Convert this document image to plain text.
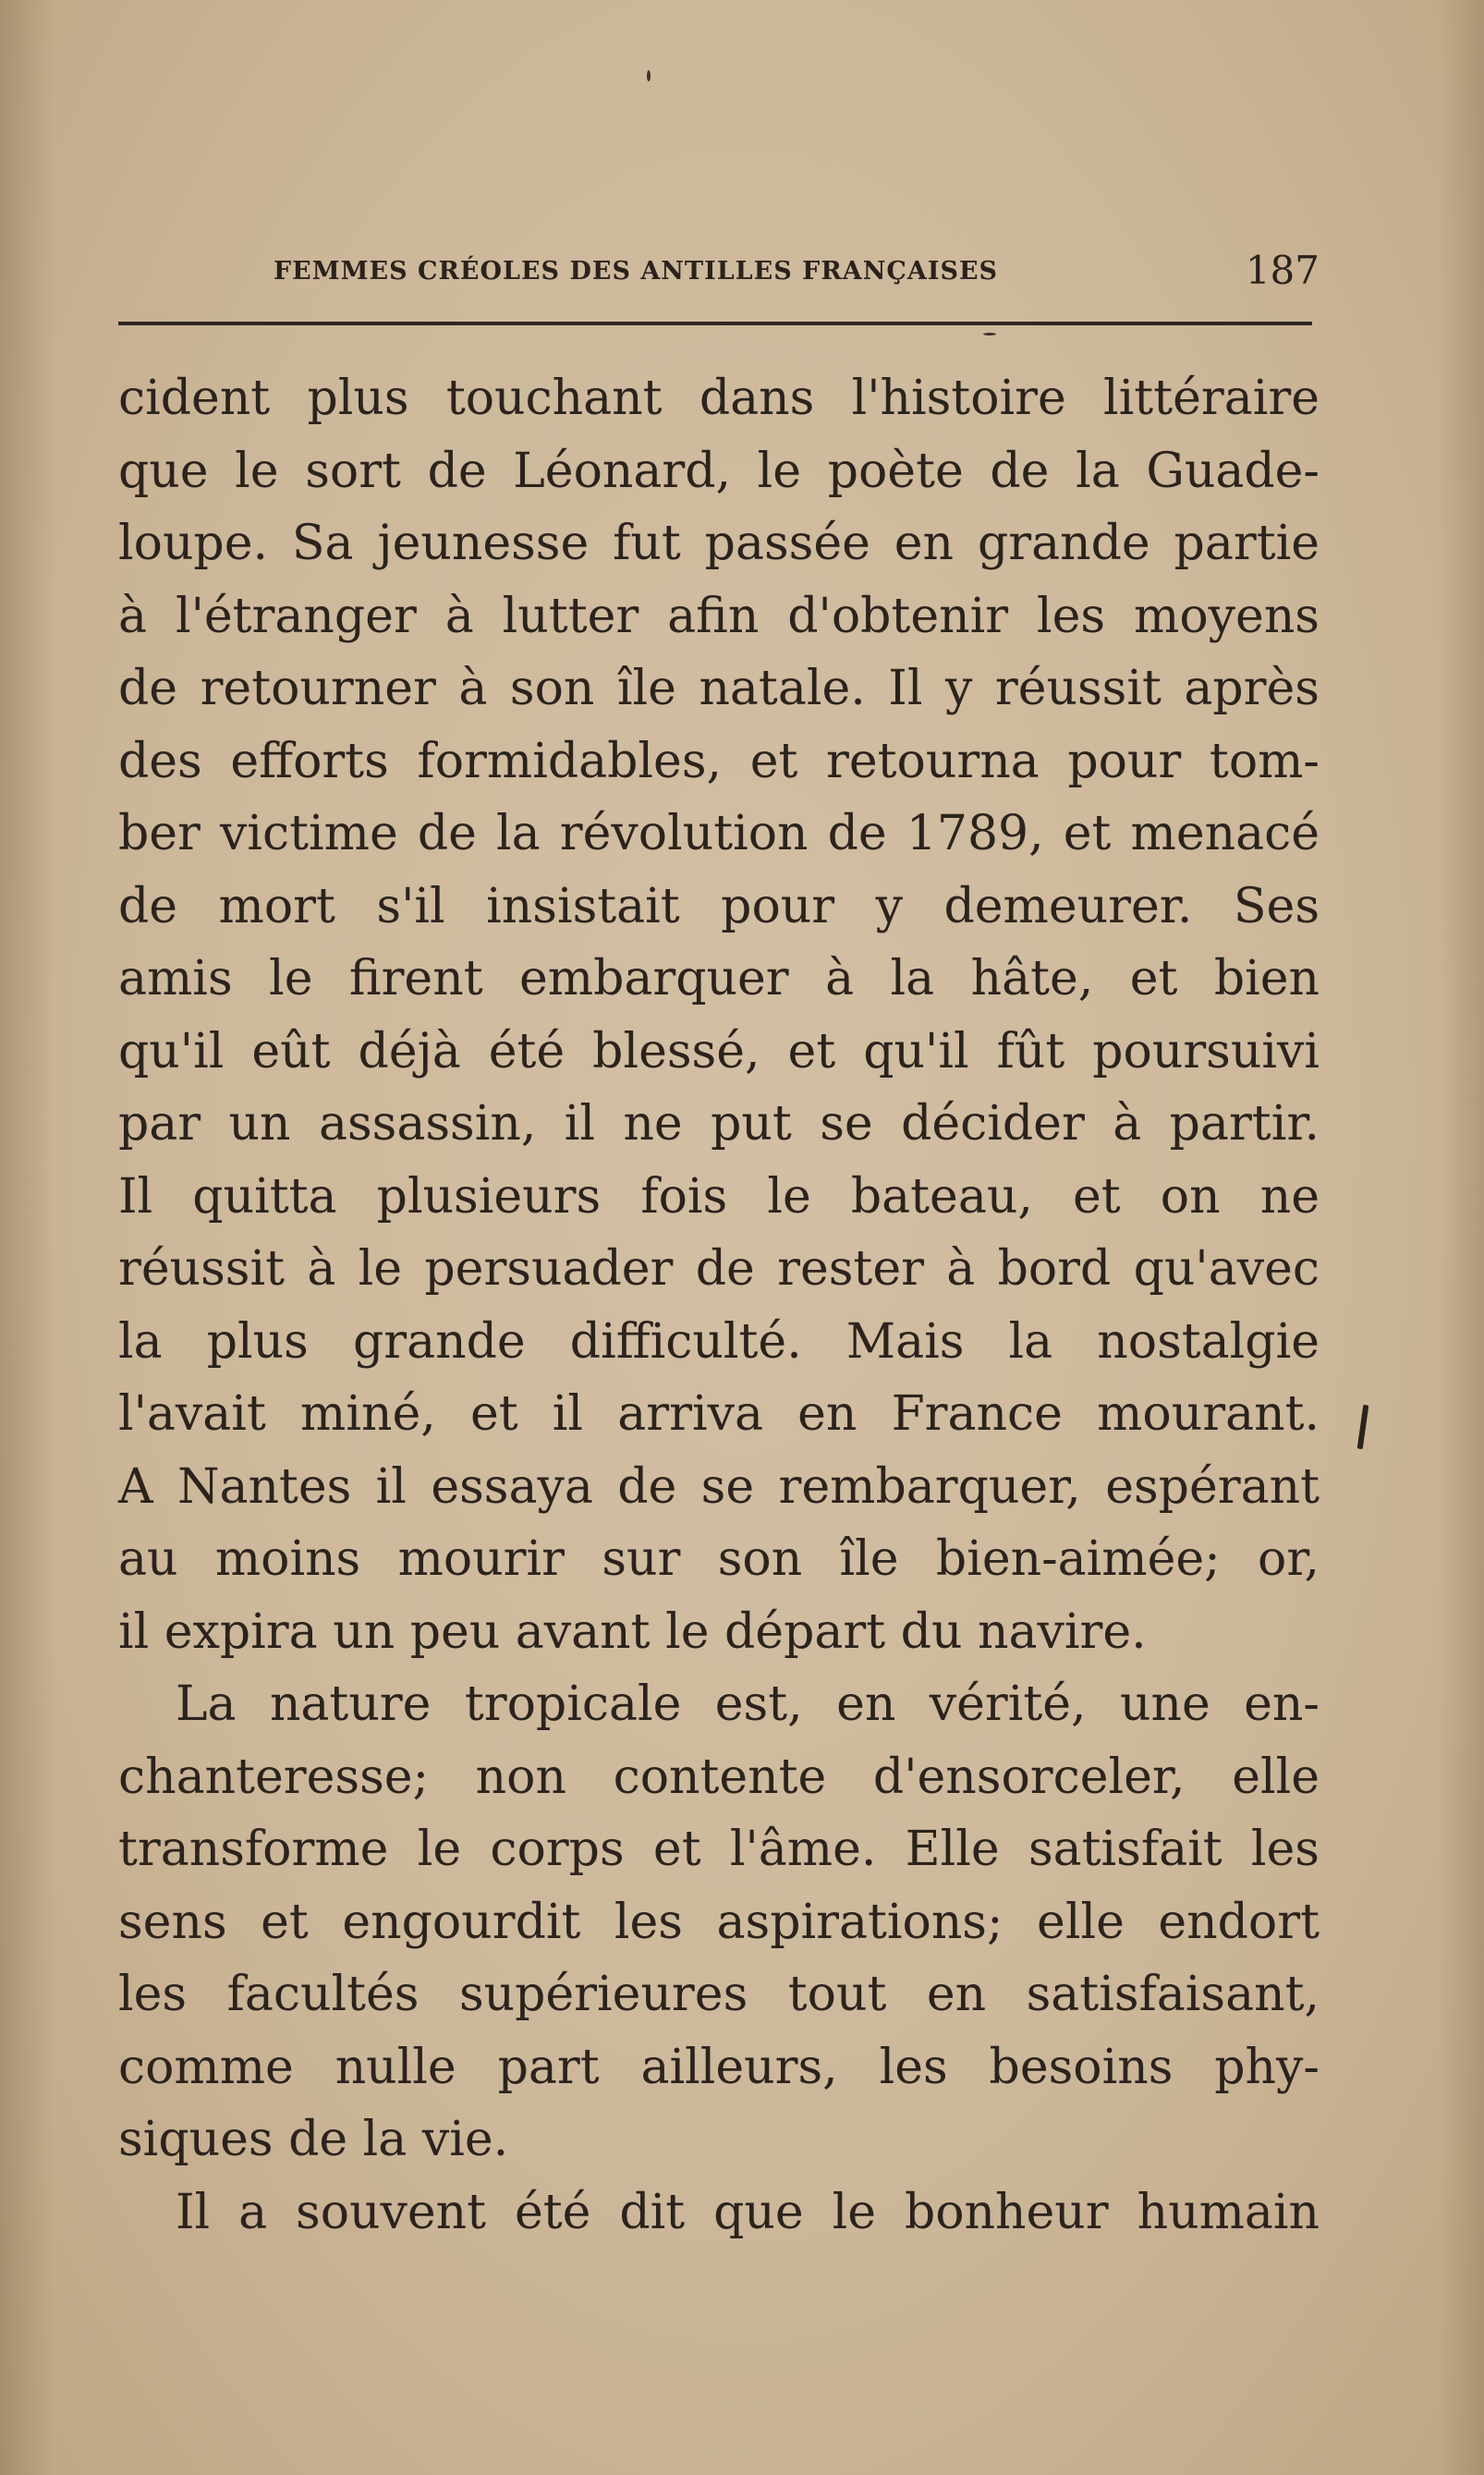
FEMMES CRÉOLES DES ANTILLES FRANÇAISES	187
cident plus touchant dans l'histoire littéraire
que le sort de Léonard, le poète de la Guade-
loupe. Sa jeunesse fut passée en grande partie
à l'étranger à lutter afin d'obtenir les moyens
de retourner à son île natale. Il y réussit après
des efforts formidables, et retourna pour tom-
ber victime de la révolution de 1789, et menacé
de mort s'il insistait pour y demeurer. Ses
amis le firent embarquer à la hâte, et bien
qu'il eût déjà été blessé, et qu'il fût poursuivi
par un assassin, il ne put se décider à partir.
Il quitta plusieurs fois le bateau, et on ne
réussit à le persuader de rester à bord qu'avec
la plus grande difficulté. Mais la nostalgie
l'avait miné, et il arriva en France mourant.
A Nantes il essaya de se rembarquer, espérant
au moins mourir sur son île bien-aimée; or,
il expira un peu avant le départ du navire.
La nature tropicale est, en vérité, une en-
chanteresse; non contente d'ensorceler, elle
transforme le corps et l'âme. Elle satisfait les
sens et engourdit les aspirations; elle endort
les facultés supérieures tout en satisfaisant,
comme nulle part ailleurs, les besoins phy-
siques de la vie.
Il a souvent été dit que le bonheur humain
